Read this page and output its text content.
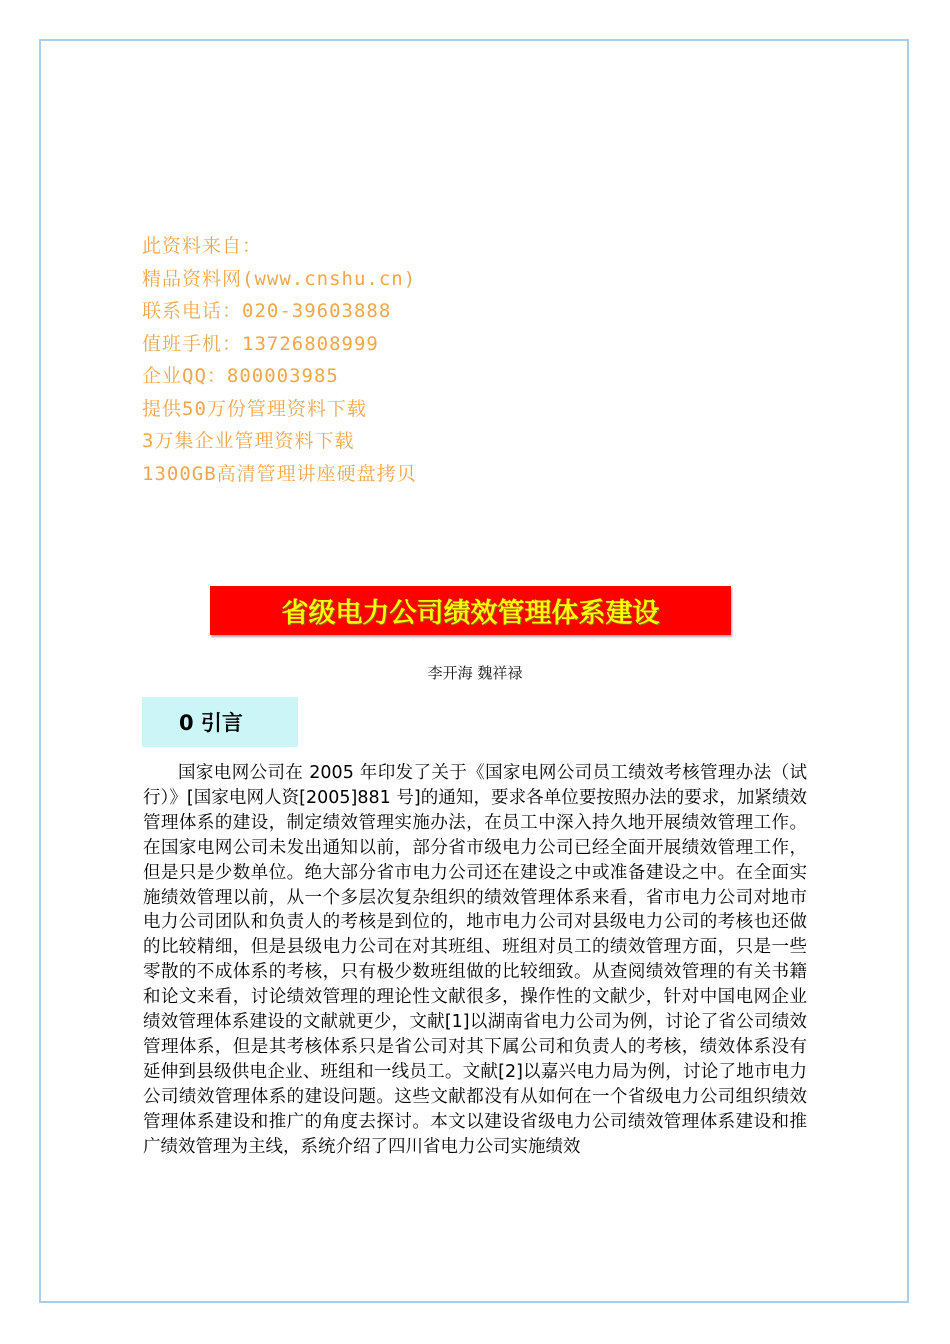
此资料来自：
精品资料网(www.cnshu.cn)
联系电话：020-39603888
值班手机：13726808999
企业QQ：800003985
提供50万份管理资料下载
3万集企业管理资料下载
1300GB高清管理讲座硬盘拷贝
省级电力公司绩效管理体系建设
李开海 魏祥禄
0 引言

国家电网公司在 2005 年印发了关于《国家电网公司员工绩效考核管理办法（试行）》[国家电网人资[2005]881 号]的通知，要求各单位要按照办法的要求，加紧绩效管理体系的建设，制定绩效管理实施办法，在员工中深入持久地开展绩效管理工作。在国家电网公司未发出通知以前，部分省市级电力公司已经全面开展绩效管理工作，但是只是少数单位。绝大部分省市电力公司还在建设之中或准备建设之中。在全面实施绩效管理以前，从一个多层次复杂组织的绩效管理体系来看，省市电力公司对地市电力公司团队和负责人的考核是到位的，地市电力公司对县级电力公司的考核也还做的比较精细，但是县级电力公司在对其班组、班组对员工的绩效管理方面，只是一些零散的不成体系的考核，只有极少数班组做的比较细致。从查阅绩效管理的有关书籍和论文来看，讨论绩效管理的理论性文献很多，操作性的文献少，针对中国电网企业绩效管理体系建设的文献就更少，文献[1]以湖南省电力公司为例，讨论了省公司绩效管理体系，但是其考核体系只是省公司对其下属公司和负责人的考核，绩效体系没有延伸到县级供电企业、班组和一线员工。文献[2]以嘉兴电力局为例，讨论了地市电力公司绩效管理体系的建设问题。这些文献都没有从如何在一个省级电力公司组织绩效管理体系建设和推广的角度去探讨。本文以建设省级电力公司绩效管理体系建设和推广绩效管理为主线，系统介绍了四川省电力公司实施绩效
